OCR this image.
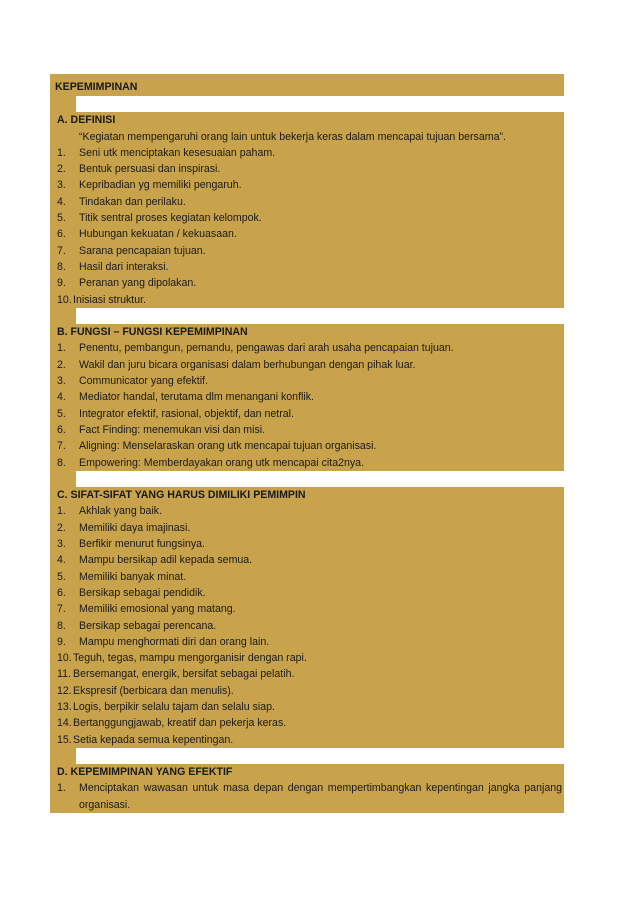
KEPEMIMPINAN
A. DEFINISI
“Kegiatan mempengaruhi orang lain untuk bekerja keras dalam mencapai tujuan bersama”.
1. Seni utk menciptakan kesesuaian paham.
2. Bentuk persuasi dan inspirasi.
3. Kepribadian yg memiliki pengaruh.
4. Tindakan dan perilaku.
5. Titik sentral proses kegiatan kelompok.
6. Hubungan kekuatan / kekuasaan.
7. Sarana pencapaian tujuan.
8. Hasil dari interaksi.
9. Peranan yang dipolakan.
10.Inisiasi struktur.
B. FUNGSI – FUNGSI KEPEMIMPINAN
1. Penentu, pembangun, pemandu, pengawas dari arah usaha pencapaian tujuan.
2. Wakil dan juru bicara organisasi dalam berhubungan dengan pihak luar.
3. Communicator yang efektif.
4. Mediator handal, terutama dlm menangani konflik.
5. Integrator efektif, rasional, objektif, dan netral.
6. Fact Finding: menemukan visi dan misi.
7. Aligning: Menselaraskan orang utk mencapai tujuan organisasi.
8. Empowering: Memberdayakan orang utk mencapai cita2nya.
C. SIFAT-SIFAT YANG HARUS DIMILIKI PEMIMPIN
1. Akhlak yang baik.
2. Memiliki daya imajinasi.
3. Berfikir menurut fungsinya.
4. Mampu bersikap adil kepada semua.
5. Memiliki banyak minat.
6. Bersikap sebagai pendidik.
7. Memiliki emosional yang matang.
8. Bersikap sebagai perencana.
9. Mampu menghormati diri dan orang lain.
10.Teguh, tegas, mampu mengorganisir dengan rapi.
11. Bersemangat, energik, bersifat sebagai pelatih.
12.Ekspresif (berbicara dan menulis).
13.Logis, berpikir selalu tajam dan selalu siap.
14.Bertanggungjawab, kreatif dan pekerja keras.
15.Setia kepada semua kepentingan.
D. KEPEMIMPINAN YANG EFEKTIF
1.	Menciptakan wawasan untuk masa depan dengan mempertimbangkan kepentingan jangka panjang
organisasi.
